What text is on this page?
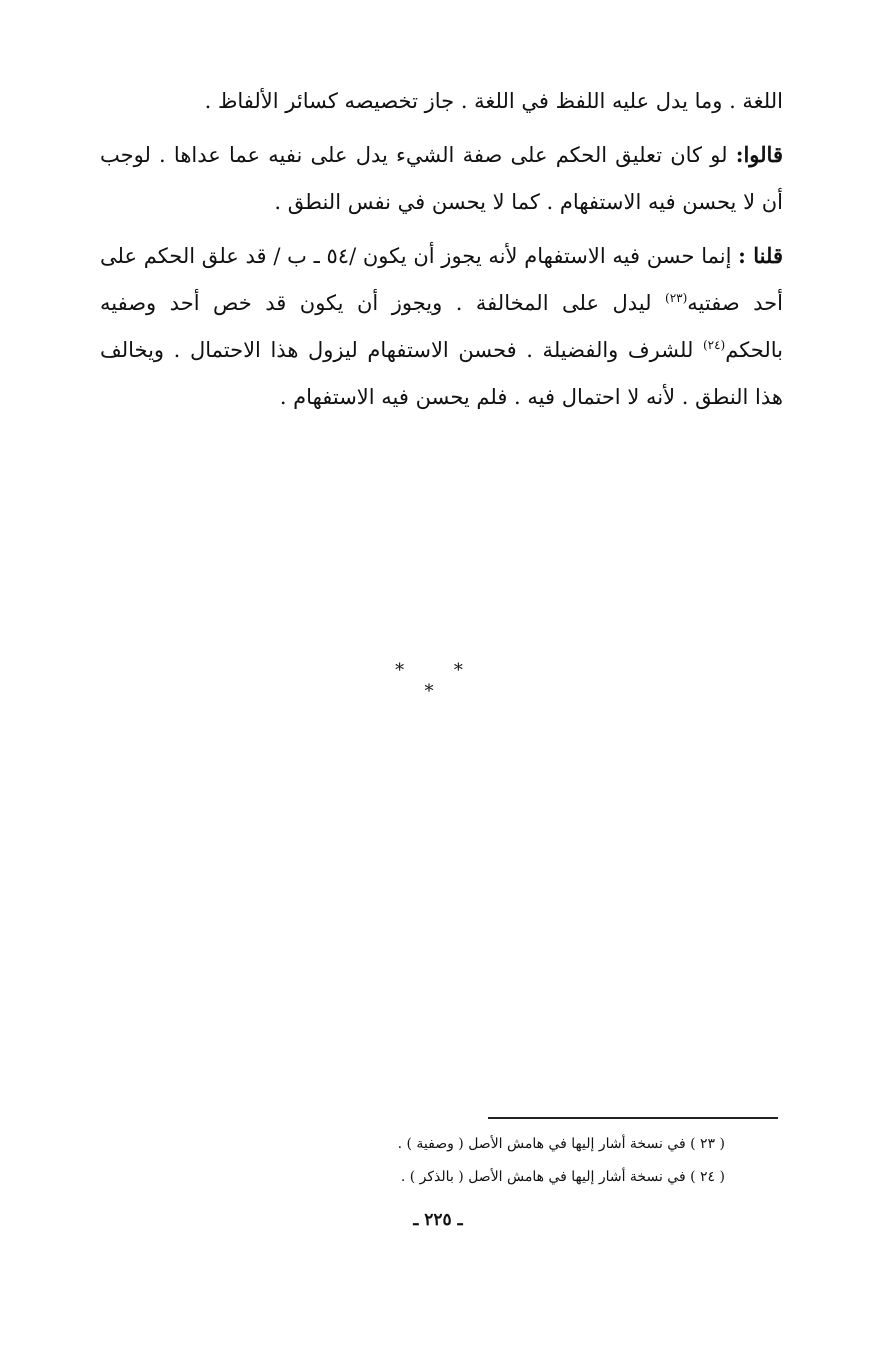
اللغة . وما يدل عليه اللفظ في اللغة . جاز تخصيصه كسائر الألفاظ .

قالوا: لو كان تعليق الحكم على صفة الشيء يدل على نفيه عما عداها . لوجب أن لا يحسن فيه الاستفهام . كما لا يحسن في نفس النطق .

قلنا : إنما حسن فيه الاستفهام لأنه يجوز أن يكون /٥٤ ـ ب / قد علق الحكم على أحد صفتيه$^{(٢٣)}$ ليدل على المخالفة . ويجوز أن يكون قد خص أحد وصفيه بالحكم$^{(٢٤)}$ للشرف والفضيلة . فحسن الاستفهام ليزول هذا الاحتمال . ويخالف هذا النطق . لأنه لا احتمال فيه . فلم يحسن فيه الاستفهام .

* * *

( ٢٣ ) في نسخة أشار إليها في هامش الأصل ( وصفية ) .

( ٢٤ ) في نسخة أشار إليها في هامش الأصل ( بالذكر ) .

ـ ٢٢٥ ـ
